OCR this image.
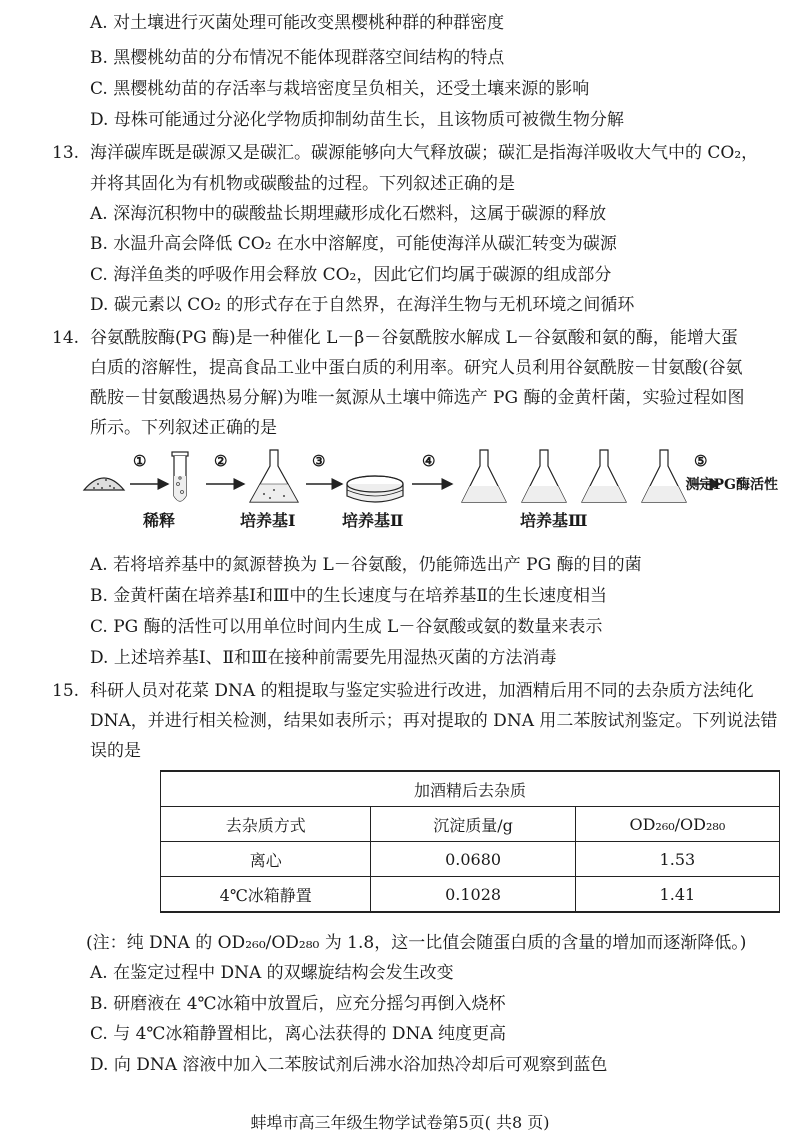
A. 对土壤进行灭菌处理可能改变黑樱桃种群的种群密度
B. 黑樱桃幼苗的分布情况不能体现群落空间结构的特点
C. 黑樱桃幼苗的存活率与栽培密度呈负相关，还受土壤来源的影响
D. 母株可能通过分泌化学物质抑制幼苗生长，且该物质可被微生物分解
13. 海洋碳库既是碳源又是碳汇。碳源能够向大气释放碳；碳汇是指海洋吸收大气中的 CO₂，
并将其固化为有机物或碳酸盐的过程。下列叙述正确的是
A. 深海沉积物中的碳酸盐长期埋藏形成化石燃料，这属于碳源的释放
B. 水温升高会降低 CO₂ 在水中溶解度，可能使海洋从碳汇转变为碳源
C. 海洋鱼类的呼吸作用会释放 CO₂，因此它们均属于碳源的组成部分
D. 碳元素以 CO₂ 的形式存在于自然界，在海洋生物与无机环境之间循环
14. 谷氨酰胺酶(PG 酶)是一种催化 L－β－谷氨酰胺水解成 L－谷氨酸和氨的酶，能增大蛋
白质的溶解性，提高食品工业中蛋白质的利用率。研究人员利用谷氨酰胺－甘氨酸(谷氨
酰胺－甘氨酸遇热易分解)为唯一氮源从土壤中筛选产 PG 酶的金黄杆菌，实验过程如图
所示。下列叙述正确的是
①	②	③	④
稀释	培养基Ⅰ	培养基Ⅱ	培养基Ⅲ
⑤
测定PG酶活性
A. 若将培养基中的氮源替换为 L－谷氨酸，仍能筛选出产 PG 酶的目的菌
B. 金黄杆菌在培养基Ⅰ和Ⅲ中的生长速度与在培养基Ⅱ的生长速度相当
C. PG 酶的活性可以用单位时间内生成 L－谷氨酸或氨的数量来表示
D. 上述培养基Ⅰ、Ⅱ和Ⅲ在接种前需要先用湿热灭菌的方法消毒
15. 科研人员对花菜 DNA 的粗提取与鉴定实验进行改进，加酒精后用不同的去杂质方法纯化
DNA，并进行相关检测，结果如表所示；再对提取的 DNA 用二苯胺试剂鉴定。下列说法错
误的是
加酒精后去杂质		
去杂质方式	沉淀质量/g	OD₂₆₀/OD₂₈₀
离心	0.0680	1.53
4℃冰箱静置	0.1028	1.41
(注：纯 DNA 的 OD₂₆₀/OD₂₈₀ 为 1.8，这一比值会随蛋白质的含量的增加而逐渐降低。)
A. 在鉴定过程中 DNA 的双螺旋结构会发生改变
B. 研磨液在 4℃冰箱中放置后，应充分摇匀再倒入烧杯
C. 与 4℃冰箱静置相比，离心法获得的 DNA 纯度更高
D. 向 DNA 溶液中加入二苯胺试剂后沸水浴加热冷却后可观察到蓝色
蚌埠市高三年级生物学试卷第5页( 共8 页)
